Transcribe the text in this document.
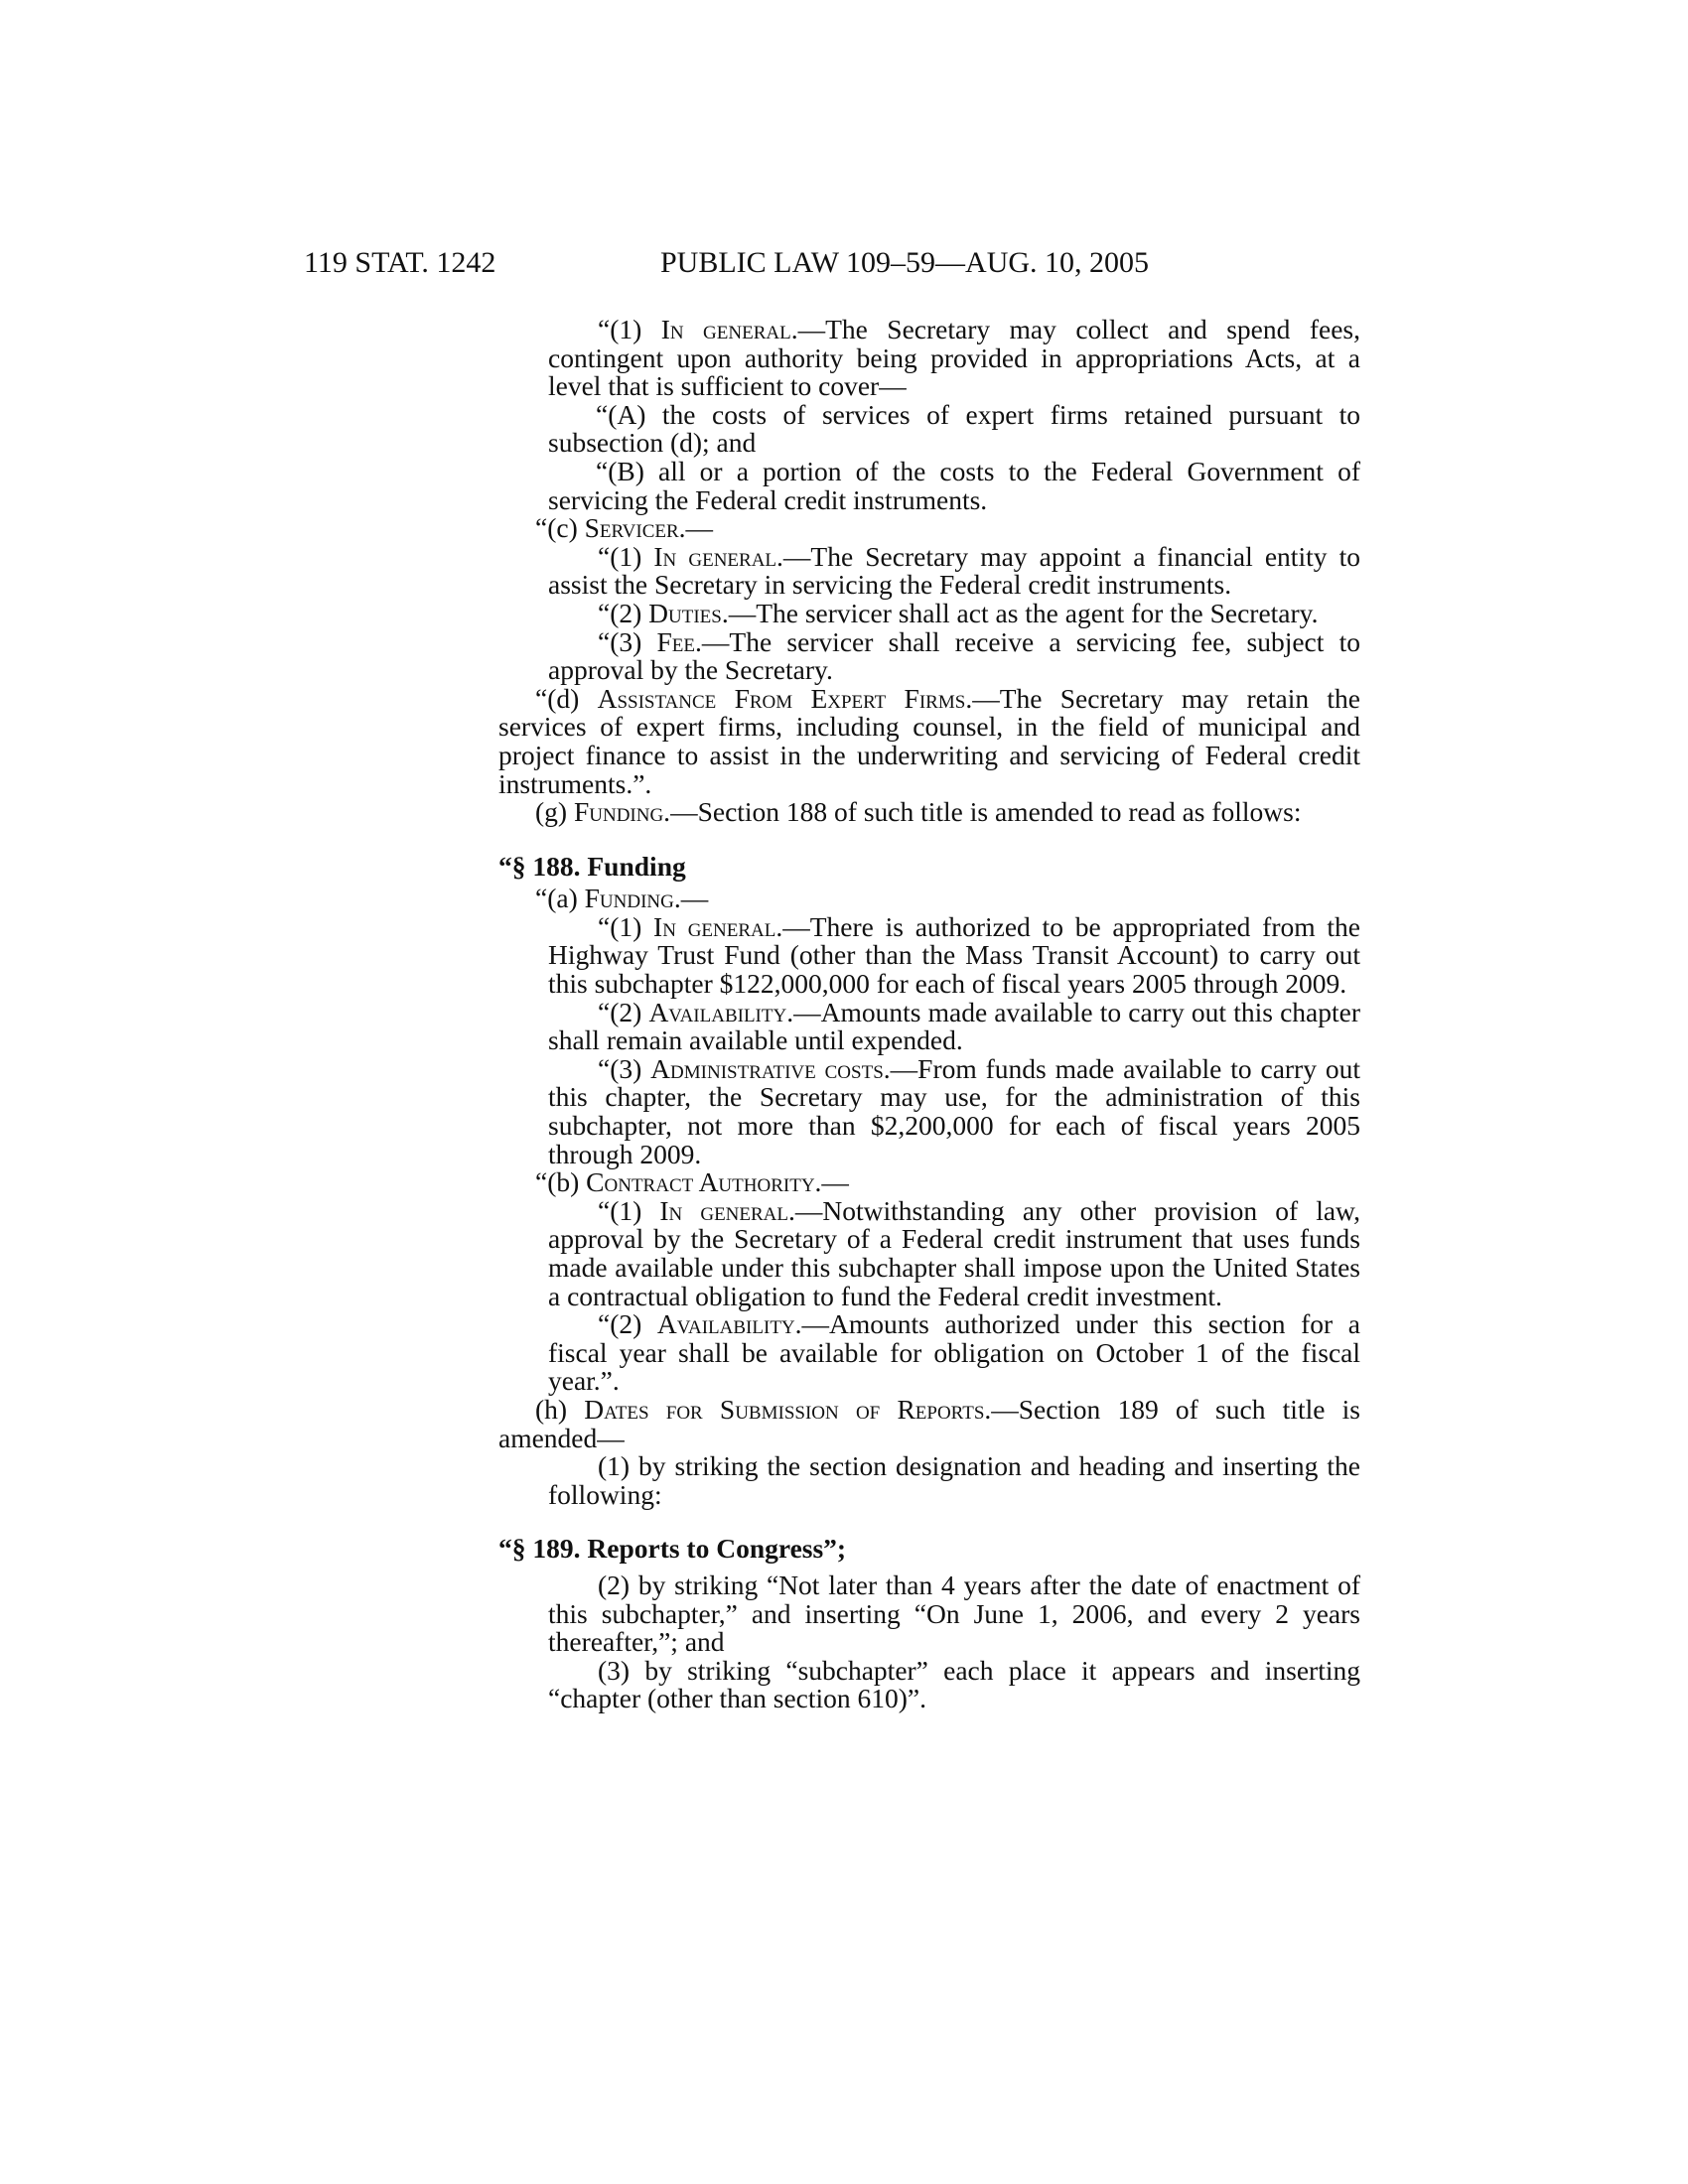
119 STAT. 1242	PUBLIC LAW 109–59—AUG. 10, 2005

“(1) In general.—The Secretary may collect and spend fees, contingent upon authority being provided in appropriations Acts, at a level that is sufficient to cover—

“(A) the costs of services of expert firms retained pursuant to subsection (d); and

“(B) all or a portion of the costs to the Federal Government of servicing the Federal credit instruments.

“(c) Servicer.—

“(1) In general.—The Secretary may appoint a financial entity to assist the Secretary in servicing the Federal credit instruments.

“(2) Duties.—The servicer shall act as the agent for the Secretary.

“(3) Fee.—The servicer shall receive a servicing fee, subject to approval by the Secretary.

“(d) Assistance From Expert Firms.—The Secretary may retain the services of expert firms, including counsel, in the field of municipal and project finance to assist in the underwriting and servicing of Federal credit instruments.”.

(g) Funding.—Section 188 of such title is amended to read as follows:

“§ 188. Funding

“(a) Funding.—

“(1) In general.—There is authorized to be appropriated from the Highway Trust Fund (other than the Mass Transit Account) to carry out this subchapter $122,000,000 for each of fiscal years 2005 through 2009.

“(2) Availability.—Amounts made available to carry out this chapter shall remain available until expended.

“(3) Administrative costs.—From funds made available to carry out this chapter, the Secretary may use, for the administration of this subchapter, not more than $2,200,000 for each of fiscal years 2005 through 2009.

“(b) Contract Authority.—

“(1) In general.—Notwithstanding any other provision of law, approval by the Secretary of a Federal credit instrument that uses funds made available under this subchapter shall impose upon the United States a contractual obligation to fund the Federal credit investment.

“(2) Availability.—Amounts authorized under this section for a fiscal year shall be available for obligation on October 1 of the fiscal year.”.

(h) Dates for Submission of Reports.—Section 189 of such title is amended—

(1) by striking the section designation and heading and inserting the following:

“§ 189. Reports to Congress”;

(2) by striking “Not later than 4 years after the date of enactment of this subchapter,” and inserting “On June 1, 2006, and every 2 years thereafter,”; and

(3) by striking “subchapter” each place it appears and inserting “chapter (other than section 610)”.
